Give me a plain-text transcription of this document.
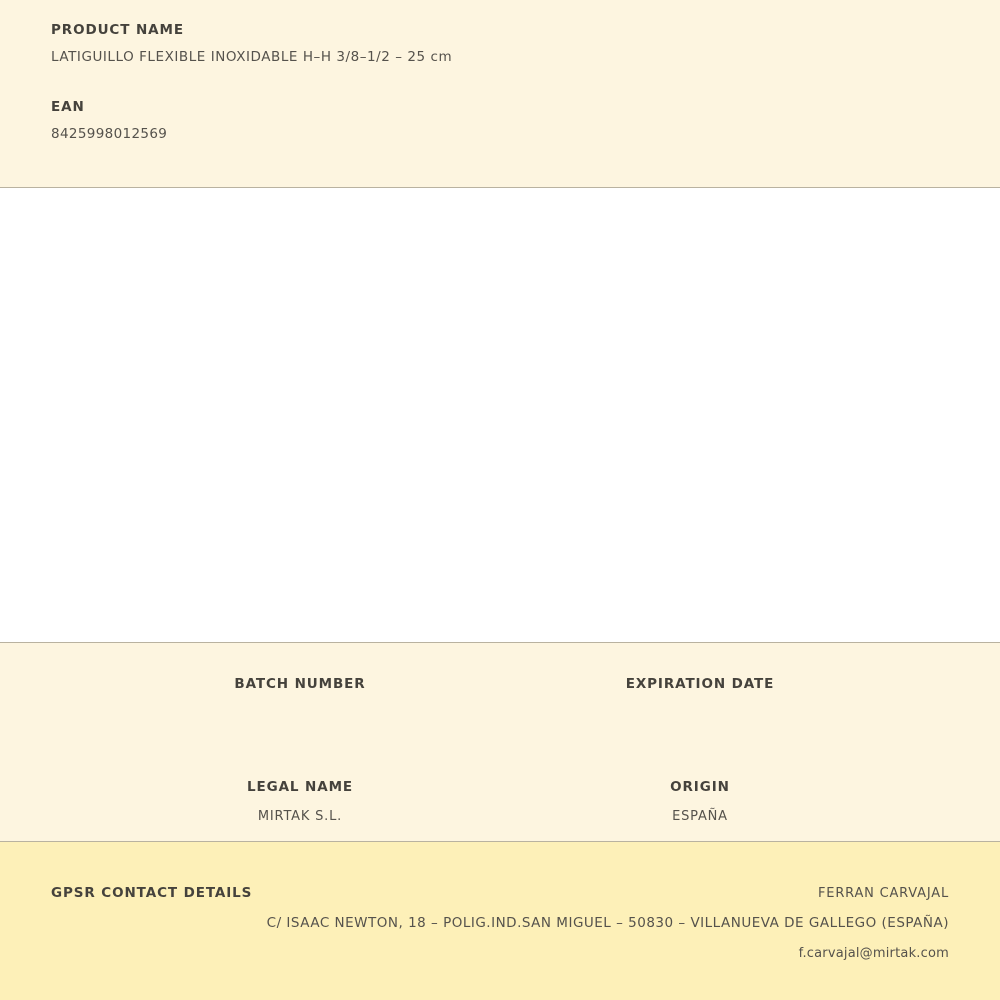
PRODUCT NAME
LATIGUILLO FLEXIBLE INOXIDABLE H–H 3/8–1/2 – 25 cm
EAN
8425998012569
BATCH NUMBER	EXPIRATION DATE
LEGAL NAME
MIRTAK S.L.
ORIGIN
ESPAÑA
GPSR CONTACT DETAILS	FERRAN CARVAJAL
C/ ISAAC NEWTON, 18 – POLIG.IND.SAN MIGUEL – 50830 – VILLANUEVA DE GALLEGO (ESPAÑA)
f.carvajal@mirtak.com
